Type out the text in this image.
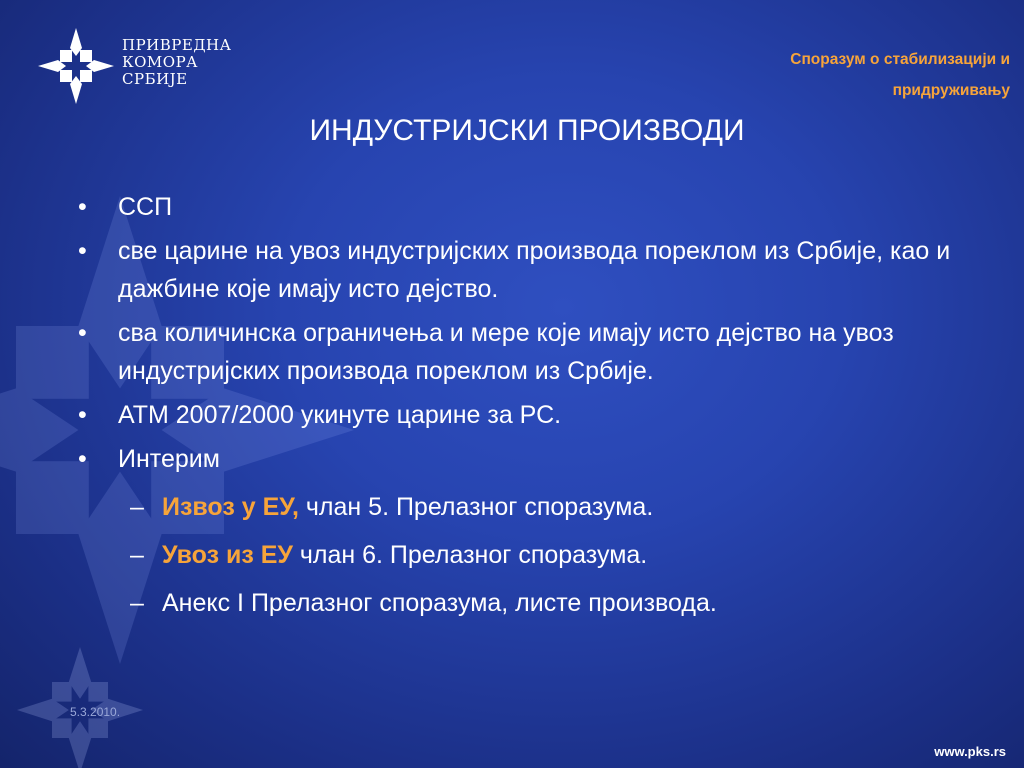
ПРИВРЕДНА
КОМОРА
СРБИЈЕ
Споразум о стабилизацији и
придруживању
ИНДУСТРИЈСКИ ПРОИЗВОДИ
• ССП
• све царине на увоз индустријских производа пореклом из Србије, као и дажбине које имају исто дејство.
• сва количинска ограничења и мере које имају исто дејство на увоз индустријских производа пореклом из Србије.
• АТМ 2007/2000 укинуте царине за РС.
• Интерим
– Извоз у ЕУ, члан 5. Прелазног споразума.
– Увоз из ЕУ члан 6. Прелазног споразума.
– Анекс I Прелазног споразума, листе производа.
5.3.2010.
www.pks.rs
